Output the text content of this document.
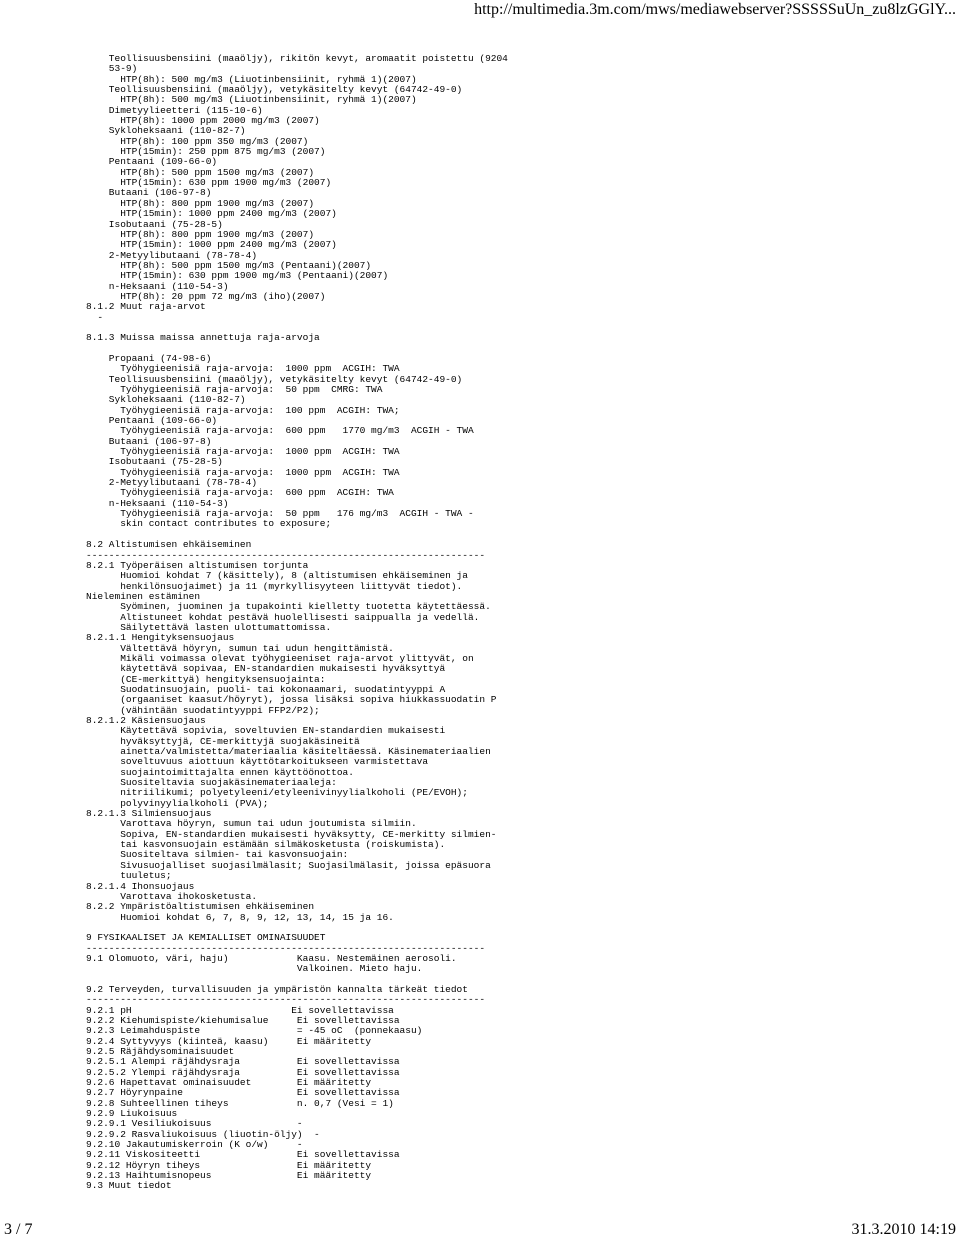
http://multimedia.3m.com/mws/mediawebserver?SSSSSuUn_zu8lzGGlY...
Teollisuusbensiini (maaöljy), rikitön kevyt, aromaatit poistettu (9204
53-9)
HTP(8h): 500 mg/m3 (Liuotinbensiinit, ryhmä 1)(2007)
Teollisuusbensiini (maaöljy), vetykäsitelty kevyt (64742-49-0)
HTP(8h): 500 mg/m3 (Liuotinbensiinit, ryhmä 1)(2007)
Dimetyylieetteri (115-10-6)
HTP(8h): 1000 ppm 2000 mg/m3 (2007)
Sykloheksaani (110-82-7)
HTP(8h): 100 ppm 350 mg/m3 (2007)
HTP(15min): 250 ppm 875 mg/m3 (2007)
Pentaani (109-66-0)
HTP(8h): 500 ppm 1500 mg/m3 (2007)
HTP(15min): 630 ppm 1900 mg/m3 (2007)
Butaani (106-97-8)
HTP(8h): 800 ppm 1900 mg/m3 (2007)
HTP(15min): 1000 ppm 2400 mg/m3 (2007)
Isobutaani (75-28-5)
HTP(8h): 800 ppm 1900 mg/m3 (2007)
HTP(15min): 1000 ppm 2400 mg/m3 (2007)
2-Metyylibutaani (78-78-4)
HTP(8h): 500 ppm 1500 mg/m3 (Pentaani)(2007)
HTP(15min): 630 ppm 1900 mg/m3 (Pentaani)(2007)
n-Heksaani (110-54-3)
HTP(8h): 20 ppm 72 mg/m3 (iho)(2007)
8.1.2 Muut raja-arvot
-

8.1.3 Muissa maissa annettuja raja-arvoja

Propaani (74-98-6)
Työhygieenisiä raja-arvoja:  1000 ppm  ACGIH: TWA
Teollisuusbensiini (maaöljy), vetykäsitelty kevyt (64742-49-0)
Työhygieenisiä raja-arvoja:  50 ppm  CMRG: TWA
Sykloheksaani (110-82-7)
Työhygieenisiä raja-arvoja:  100 ppm  ACGIH: TWA;
Pentaani (109-66-0)
Työhygieenisiä raja-arvoja:  600 ppm   1770 mg/m3  ACGIH - TWA
Butaani (106-97-8)
Työhygieenisiä raja-arvoja:  1000 ppm  ACGIH: TWA
Isobutaani (75-28-5)
Työhygieenisiä raja-arvoja:  1000 ppm  ACGIH: TWA
2-Metyylibutaani (78-78-4)
Työhygieenisiä raja-arvoja:  600 ppm  ACGIH: TWA
n-Heksaani (110-54-3)
Työhygieenisiä raja-arvoja:  50 ppm   176 mg/m3  ACGIH - TWA -
skin contact contributes to exposure;

8.2 Altistumisen ehkäiseminen
----------------------------------------------------------------------
8.2.1 Työperäisen altistumisen torjunta
Huomioi kohdat 7 (käsittely), 8 (altistumisen ehkäiseminen ja
henkilönsuojaimet) ja 11 (myrkyllisyyteen liittyvät tiedot).
Nieleminen estäminen
Syöminen, juominen ja tupakointi kielletty tuotetta käytettäessä.
Altistuneet kohdat pestävä huolellisesti saippualla ja vedellä.
Säilytettävä lasten ulottumattomissa.
8.2.1.1 Hengityksensuojaus
Vältettävä höyryn, sumun tai udun hengittämistä.
Mikäli voimassa olevat työhygieeniset raja-arvot ylittyvät, on
käytettävä sopivaa, EN-standardien mukaisesti hyväksyttyä
(CE-merkittyä) hengityksensuojainta:
Suodatinsuojain, puoli- tai kokonaamari, suodatintyyppi A
(orgaaniset kaasut/höyryt), jossa lisäksi sopiva hiukkassuodatin P
(vähintään suodatintyyppi FFP2/P2);
8.2.1.2 Käsiensuojaus
Käytettävä sopivia, soveltuvien EN-standardien mukaisesti
hyväksyttyjä, CE-merkittyjä suojakäsineitä
ainetta/valmistetta/materiaalia käsiteltäessä. Käsinemateriaalien
soveltuvuus aiottuun käyttötarkoitukseen varmistettava
suojaintoimittajalta ennen käyttöönottoa.
Suositeltavia suojakäsinemateriaaleja:
nitriilikumi; polyetyleeni/etyleenivinyylialkoholi (PE/EVOH);
polyvinyylialkoholi (PVA);
8.2.1.3 Silmiensuojaus
Varottava höyryn, sumun tai udun joutumista silmiin.
Sopiva, EN-standardien mukaisesti hyväksytty, CE-merkitty silmien-
tai kasvonsuojain estämään silmäkosketusta (roiskumista).
Suositeltava silmien- tai kasvonsuojain:
Sivusuojalliset suojasilmälasit; Suojasilmälasit, joissa epäsuora
tuuletus;
8.2.1.4 Ihonsuojaus
Varottava ihokosketusta.
8.2.2 Ympäristöaltistumisen ehkäiseminen
Huomioi kohdat 6, 7, 8, 9, 12, 13, 14, 15 ja 16.

9 FYSIKAALISET JA KEMIALLISET OMINAISUUDET
----------------------------------------------------------------------
9.1 Olomuoto, väri, haju)            Kaasu. Nestemäinen aerosoli.
Valkoinen. Mieto haju.

9.2 Terveyden, turvallisuuden ja ympäristön kannalta tärkeät tiedot
----------------------------------------------------------------------
9.2.1 pH                            Ei sovellettavissa
9.2.2 Kiehumispiste/kiehumisalue     Ei sovellettavissa
9.2.3 Leimahduspiste                 = -45 oC  (ponnekaasu)
9.2.4 Syttyvyys (kiinteä, kaasu)     Ei määritetty
9.2.5 Räjähdysominaisuudet
9.2.5.1 Alempi räjähdysraja          Ei sovellettavissa
9.2.5.2 Ylempi räjähdysraja          Ei sovellettavissa
9.2.6 Hapettavat ominaisuudet        Ei määritetty
9.2.7 Höyrynpaine                    Ei sovellettavissa
9.2.8 Suhteellinen tiheys            n. 0,7 (Vesi = 1)
9.2.9 Liukoisuus
9.2.9.1 Vesiliukoisuus               -
9.2.9.2 Rasvaliukoisuus (liuotin-öljy)  -
9.2.10 Jakautumiskerroin (K o/w)     -
9.2.11 Viskositeetti                 Ei sovellettavissa
9.2.12 Höyryn tiheys                 Ei määritetty
9.2.13 Haihtumisnopeus               Ei määritetty
9.3 Muut tiedot
3 / 7	31.3.2010 14:19
